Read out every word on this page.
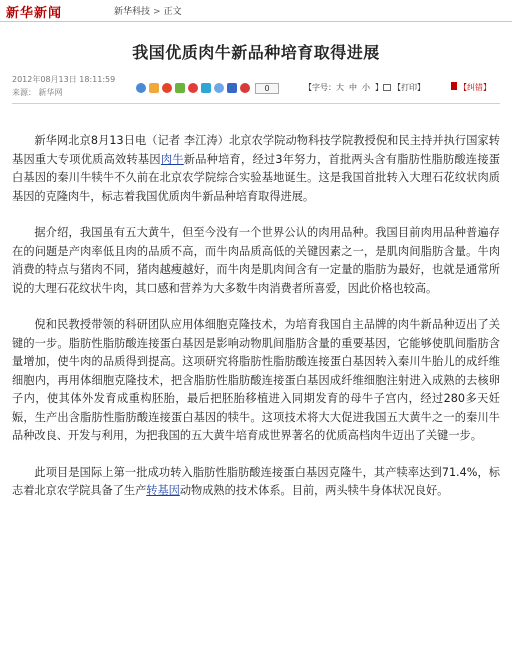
新华新闻	新华科技 > 正文
我国优质肉牛新品种培育取得进展
2012年08月13日 18:11:59
来源： 新华网	0	【字号： 大 中 小 】 【打印】	【纠错】

新华网北京8月13日电（记者 李江涛）北京农学院动物科技学院教授倪和民主持并执行国家转基因重大专项优质高效转基因肉牛新品种培育，经过3年努力，首批两头含有脂肪性脂肪酸连接蛋白基因的秦川牛犊牛不久前在北京农学院综合实验基地诞生。这是我国首批转入大理石花纹状肉质基因的克隆肉牛，标志着我国优质肉牛新品种培育取得进展。

据介绍，我国虽有五大黄牛，但至今没有一个世界公认的肉用品种。我国目前肉用品种普遍存在的问题是产肉率低且肉的品质不高，而牛肉品质高低的关键因素之一，是肌肉间脂肪含量。牛肉消费的特点与猪肉不同，猪肉越瘦越好，而牛肉是肌肉间含有一定量的脂肪为最好，也就是通常所说的大理石花纹状牛肉，其口感和营养为大多数牛肉消费者所喜爱，因此价格也较高。

倪和民教授带领的科研团队应用体细胞克隆技术，为培育我国自主品牌的肉牛新品种迈出了关键的一步。脂肪性脂肪酸连接蛋白基因是影响动物肌间脂肪含量的重要基因，它能够使肌间脂肪含量增加，使牛肉的品质得到提高。这项研究将脂肪性脂肪酸连接蛋白基因转入秦川牛胎儿的成纤维细胞内，再用体细胞克隆技术，把含脂肪性脂肪酸连接蛋白基因成纤维细胞注射进入成熟的去核卵子内，使其体外发育成重构胚胎，最后把胚胎移植进入同期发育的母牛子宫内，经过280多天妊娠，生产出含脂肪性脂肪酸连接蛋白基因的犊牛。这项技术将大大促进我国五大黄牛之一的秦川牛品种改良、开发与利用，为把我国的五大黄牛培育成世界著名的优质高档肉牛迈出了关键一步。

此项目是国际上第一批成功转入脂肪性脂肪酸连接蛋白基因克隆牛，其产犊率达到71.4%，标志着北京农学院具备了生产转基因动物成熟的技术体系。目前，两头犊牛身体状况良好。
